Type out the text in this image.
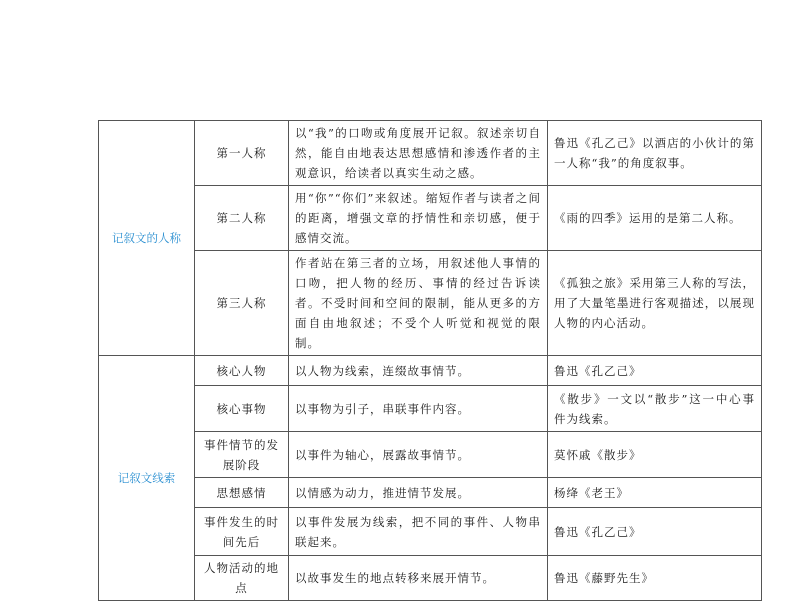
记叙文的人称	第一人称	以“我”的口吻或角度展开记叙。叙述亲切自然，能自由地表达思想感情和渗透作者的主观意识，给读者以真实生动之感。	鲁迅《孔乙己》以酒店的小伙计的第一人称“我”的角度叙事。
	第二人称	用“你”“你们”来叙述。缩短作者与读者之间的距离，增强文章的抒情性和亲切感，便于感情交流。	《雨的四季》运用的是第二人称。
	第三人称	作者站在第三者的立场，用叙述他人事情的口吻，把人物的经历、事情的经过告诉读者。不受时间和空间的限制，能从更多的方面自由地叙述；不受个人听觉和视觉的限制。	《孤独之旅》采用第三人称的写法，用了大量笔墨进行客观描述，以展现人物的内心活动。
记叙文线索	核心人物	以人物为线索，连缀故事情节。	鲁迅《孔乙己》
	核心事物	以事物为引子，串联事件内容。	《散步》一文以“散步”这一中心事件为线索。
	事件情节的发展阶段	以事件为轴心，展露故事情节。	莫怀戚《散步》
	思想感情	以情感为动力，推进情节发展。	杨绛《老王》
	事件发生的时间先后	以事件发展为线索，把不同的事件、人物串联起来。	鲁迅《孔乙己》
	人物活动的地点	以故事发生的地点转移来展开情节。	鲁迅《藤野先生》
